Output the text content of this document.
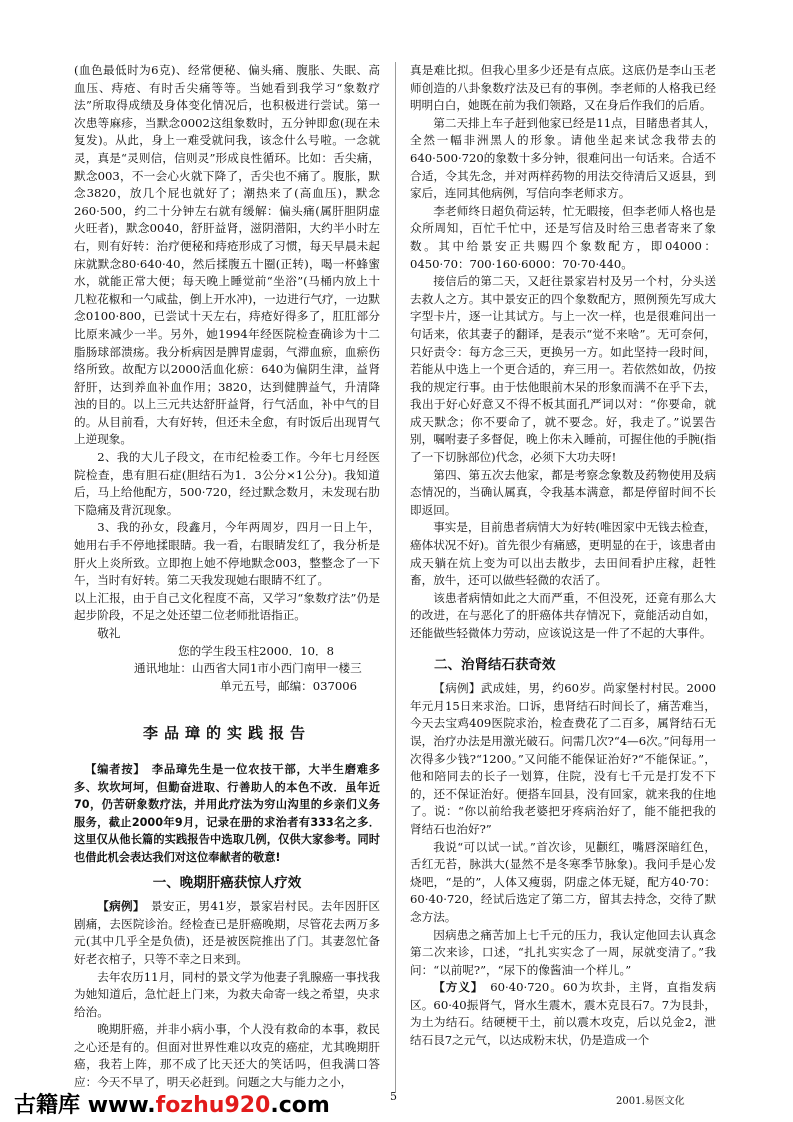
(血色最低时为6克)、经常便秘、偏头痛、腹胀、失眠、高血压、痔疮、有时舌尖痛等等。当她看到我学习“象数疗法”所取得成绩及身体变化情况后，也积极进行尝试。第一次患等麻疹，当默念0002这组象数时，五分钟即愈(现在未复发)。从此，身上一难受就问我，该念什么号啦。一念就灵，真是“灵则信，信则灵”形成良性循环。比如：舌尖痛，默念003，不一会心火就下降了，舌尖也不痛了。腹胀，默念3820，放几个屁也就好了；潮热来了(高血压)，默念260·500，约二十分钟左右就有缓解：偏头痛(属肝胆阴虚火旺者)，默念0040，舒肝益肾，滋阴潜阳，大约半小时左右，则有好转：治疗便秘和痔疮形成了习惯，每天早晨未起床就默念80·640·40，然后揉腹五十圈(正转)，喝一杯蜂蜜水，就能正常大便；每天晚上睡觉前“坐浴”(马桶内放上十几粒花椒和一勺咸盐，倒上开水冲)，一边进行气疗，一边默念0100·800，已尝试十天左右，痔疮好得多了，肛肛部分比原来减少一半。另外，她1994年经医院检查确诊为十二脂肠球部溃疡。我分析病因是脾胃虚弱，气滞血瘀，血瘀伤络所致。故配方以2000活血化瘀：640为偏阴生津，益肾舒肝，达到养血补血作用；3820，达到健脾益气，升清降浊的目的。以上三元共达舒肝益肾，行气活血，补中气的目的。从目前看，大有好转，但还未全愈，有时饭后出现胃气上逆现象。

2、我的大儿子段文，在市纪检委工作。今年七月经医院检查，患有胆石症(胆结石为1．3公分×1公分)。我知道后，马上给他配方，500·720，经过默念数月，未发现右肋下隐痛及背沉现象。

3、我的孙女，段鑫月，今年两周岁，四月一日上午，她用右手不停地揉眼睛。我一看，右眼睛发红了，我分析是肝火上炎所致。立即抱上她不停地默念003，整整念了一下午，当时有好转。第二天我发现她右眼睛不红了。

以上汇报，由于自己文化程度不高，又学习“象数疗法”仍是起步阶段，不足之处还望二位老师批语指正。

敬礼

您的学生段玉柱2000．10．8

通讯地址：山西省大同1市小西门南甲一楼三
单元五号，邮编：037006

李品璋的实践报告

【编者按】　李品璋先生是一位农技干部，大半生磨难多多、坎坎坷坷，但勤奋进取、行善助人的本色不改．虽年近70，仍苦研象数疗法，并用此疗法为穷山沟里的乡亲们义务服务，截止2000年9月，记录在册的求治者有333名之多．这里仅从他长篇的实践报告中选取几例，仅供大家参考。同时也借此机会表达我们对这位奉献者的敬意!

一、晚期肝癌获惊人疗效

【病例】　景安正，男41岁，景家岩村民。去年因肝区剧痛，去医院诊治。经检查已是肝癌晚期，尽管花去两万多元(其中几乎全是负债)，还是被医院推出了门。其妻忽忙备好老衣棺子，只等不幸之日来到。

去年农历11月，同村的景文学为他妻子乳腺癌一事找我为她知道后，急忙赶上门来，为救夫命寄一线之希望，央求给治。

晚期肝癌，并非小病小事，个人没有救命的本事，救民之心还是有的。但面对世界性难以攻克的癌症，尤其晚期肝癌，我若上阵，那不成了比天还大的笑话吗，但我满口答应：今天不早了，明天必赶到。问题之大与能力之小，

真是难比拟。但我心里多少还是有点底。这底仍是李山玉老师创造的八卦象数疗法及已有的事例。李老师的人格我已经明明白白，她既在前为我们领路，又在身后作我们的后盾。

第二天排上车子赶到他家已经是11点，目睹患者其人，全然一幅非洲黑人的形象。请他坐起来试念我带去的640·500·720的象数十多分钟，很难问出一句话来。合适不合适，令其先念，并对两样药物的用法交待清后又返县，到家后，连同其他病例，写信向李老师求方。

李老师终日超负荷运转，忙无暇接，但李老师人格也是众所周知，百忙千忙中，还是写信及时给三患者寄来了象数。其中给景安正共赐四个象数配方，即04000：0450·70：700·160·6000：70·70·440。

接信后的第二天，又赶往景家岩村及另一个村，分头送去救人之方。其中景安正的四个象数配方，照例预先写成大字型卡片，逐一让其试方。与上一次一样，也是很难问出一句话来，依其妻子的翻译，是表示“觉不来啥”。无可奈何，只好责令：每方念三天，更换另一方。如此坚持一段时间，若能从中选上一个更合适的，弃三用一。若依然如故，仍按我的规定行事。由于怯他眼前木呆的形象而满不在乎下去，我出于好心好意又不得不板其面孔严词以对：“你要命，就成天默念；你不要命了，就不要念。好，我走了。”说罢告别，嘱咐妻子多督促，晚上你未入睡前，可握住他的手腕(指了一下切脉部位)代念，必须下大功夫呀!

第四、第五次去他家，都是考察念象数及药物使用及病态情况的，当确认属真，令我基本满意，都是停留时间不长即返回。

事实是，目前患者病情大为好转(唯因家中无钱去检查，癌体状况不好)。首先很少有痛感，更明显的在于，该患者由成天躺在炕上变为可以出去散步，去田间看护庄稼，赶牲畜，放牛，还可以做些轻微的农活了。

该患者病情如此之大而严重，不但没死，还竟有那么大的改进，在与恶化了的肝癌体共存情况下，竟能活动自如，还能做些轻微体力劳动，应该说这是一件了不起的大事件。

二、治肾结石获奇效

【病例】武成娃，男，约60岁。尚家堡村村民。2000年元月15日来求治。口诉，患肾结石时间长了，痛苦难当，今天去宝鸡409医院求治，检查费花了二百多，属肾结石无误，治疗办法是用激光破石。问需几次?“4—6次。”问每用一次得多少钱?“1200。”又问能不能保证治好?“不能保证。”，他和陪同去的长子一划算，住院，没有七千元是打发不下的，还不保证治好。便搭车回县，没有回家，就来我的住地了。说：“你以前给我老婆把牙疼病治好了，能不能把我的肾结石也治好?”

我说“可以试一试。”首次诊，见颧红，嘴唇深暗红色，舌红无苔，脉洪大(显然不是冬寒季节脉象)。我问手是心发烧吧，“是的”，人体又瘦弱，阴虚之体无疑，配方40·70：60·40·720，经试后选定了第二方，留其去持念，交待了默念方法。

因病患之痛苦加上七千元的压力，我认定他回去认真念第二次来诊，口述，“扎扎实实念了一周，尿就变清了。”我问：“以前呢?”，“尿下的像酱油一个样儿。”

【方义】　60·40·720。60为坎卦，主肾，直指发病区。60·40振肾气，肾水生震木，震木克艮石7。7为艮卦，为土为结石。结硬梗干土，前以震木攻克，后以兑金2，泄结石艮7之元气，以达成粉末状，仍是造成一个

古籍库 www.fozhu920.com	5	2001.易医文化
